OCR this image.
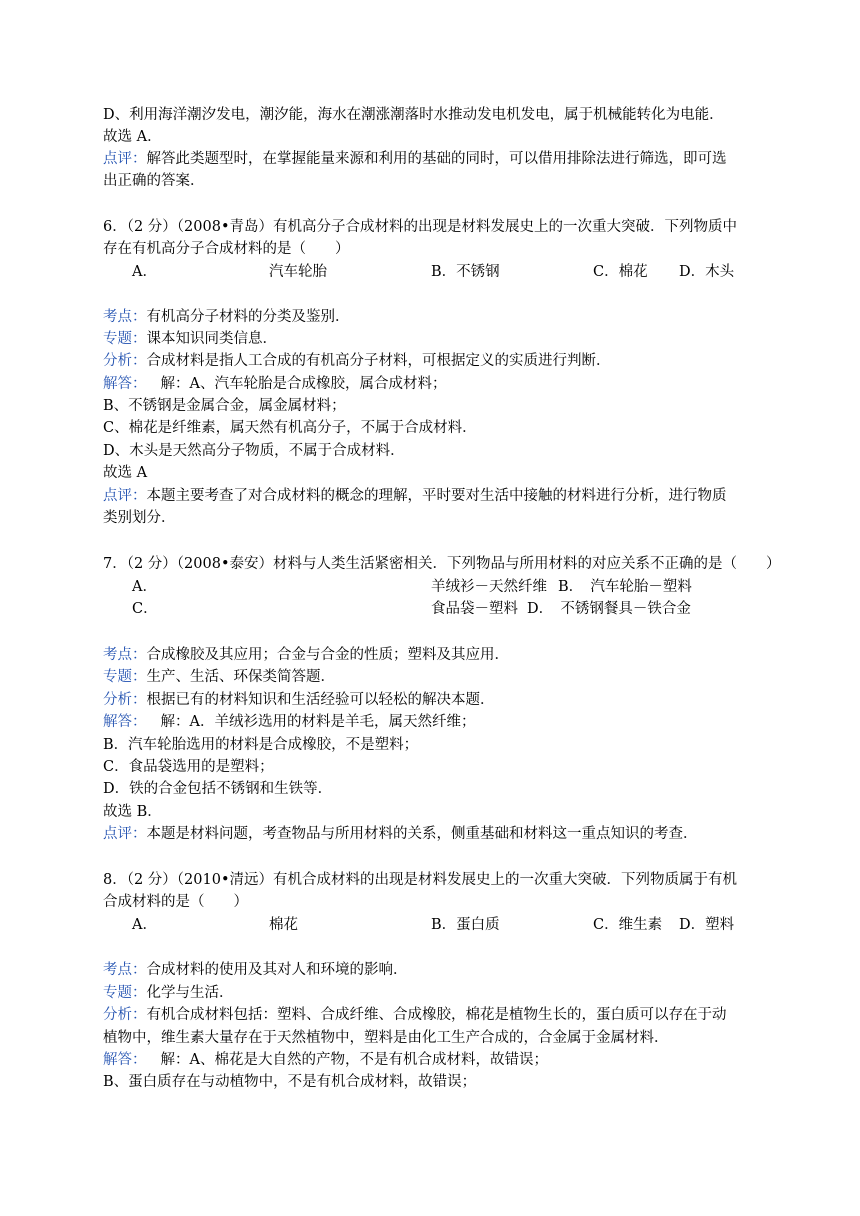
D、利用海洋潮汐发电，潮汐能，海水在潮涨潮落时水推动发电机发电，属于机械能转化为电能．
故选 A．
点评：解答此类题型时，在掌握能量来源和利用的基础的同时，可以借用排除法进行筛选，即可选
出正确的答案．
6．（2 分）（2008•青岛）有机高分子合成材料的出现是材料发展史上的一次重大突破．下列物质中
存在有机高分子合成材料的是（　　）
A．	汽车轮胎	B．不锈钢	C．棉花 D．木头
考点：有机高分子材料的分类及鉴别．
专题：课本知识同类信息．
分析：合成材料是指人工合成的有机高分子材料，可根据定义的实质进行判断．
解答： 解：A、汽车轮胎是合成橡胶，属合成材料；
B、不锈钢是金属合金，属金属材料；
C、棉花是纤维素，属天然有机高分子，不属于合成材料．
D、木头是天然高分子物质，不属于合成材料．
故选 A
点评：本题主要考查了对合成材料的概念的理解，平时要对生活中接触的材料进行分析，进行物质
类别划分．
7．（2 分）（2008•泰安）材料与人类生活紧密相关．下列物品与所用材料的对应关系不正确的是（　　）
A．	羊绒衫－天然纤维 B．　汽车轮胎－塑料
C．	食品袋－塑料 D．　不锈钢餐具－铁合金
考点：合成橡胶及其应用；合金与合金的性质；塑料及其应用．
专题：生产、生活、环保类简答题．
分析：根据已有的材料知识和生活经验可以轻松的解决本题．
解答： 解：A．羊绒衫选用的材料是羊毛，属天然纤维；
B．汽车轮胎选用的材料是合成橡胶，不是塑料；
C．食品袋选用的是塑料；
D．铁的合金包括不锈钢和生铁等．
故选 B．
点评：本题是材料问题，考查物品与所用材料的关系，侧重基础和材料这一重点知识的考查．
8．（2 分）（2010•清远）有机合成材料的出现是材料发展史上的一次重大突破．下列物质属于有机
合成材料的是（　　）
A．	棉花	B．蛋白质	C．维生素 D．塑料
考点：合成材料的使用及其对人和环境的影响．
专题：化学与生活．
分析：有机合成材料包括：塑料、合成纤维、合成橡胶，棉花是植物生长的，蛋白质可以存在于动
植物中，维生素大量存在于天然植物中，塑料是由化工生产合成的，合金属于金属材料．
解答： 解：A、棉花是大自然的产物，不是有机合成材料，故错误；
B、蛋白质存在与动植物中，不是有机合成材料，故错误；
